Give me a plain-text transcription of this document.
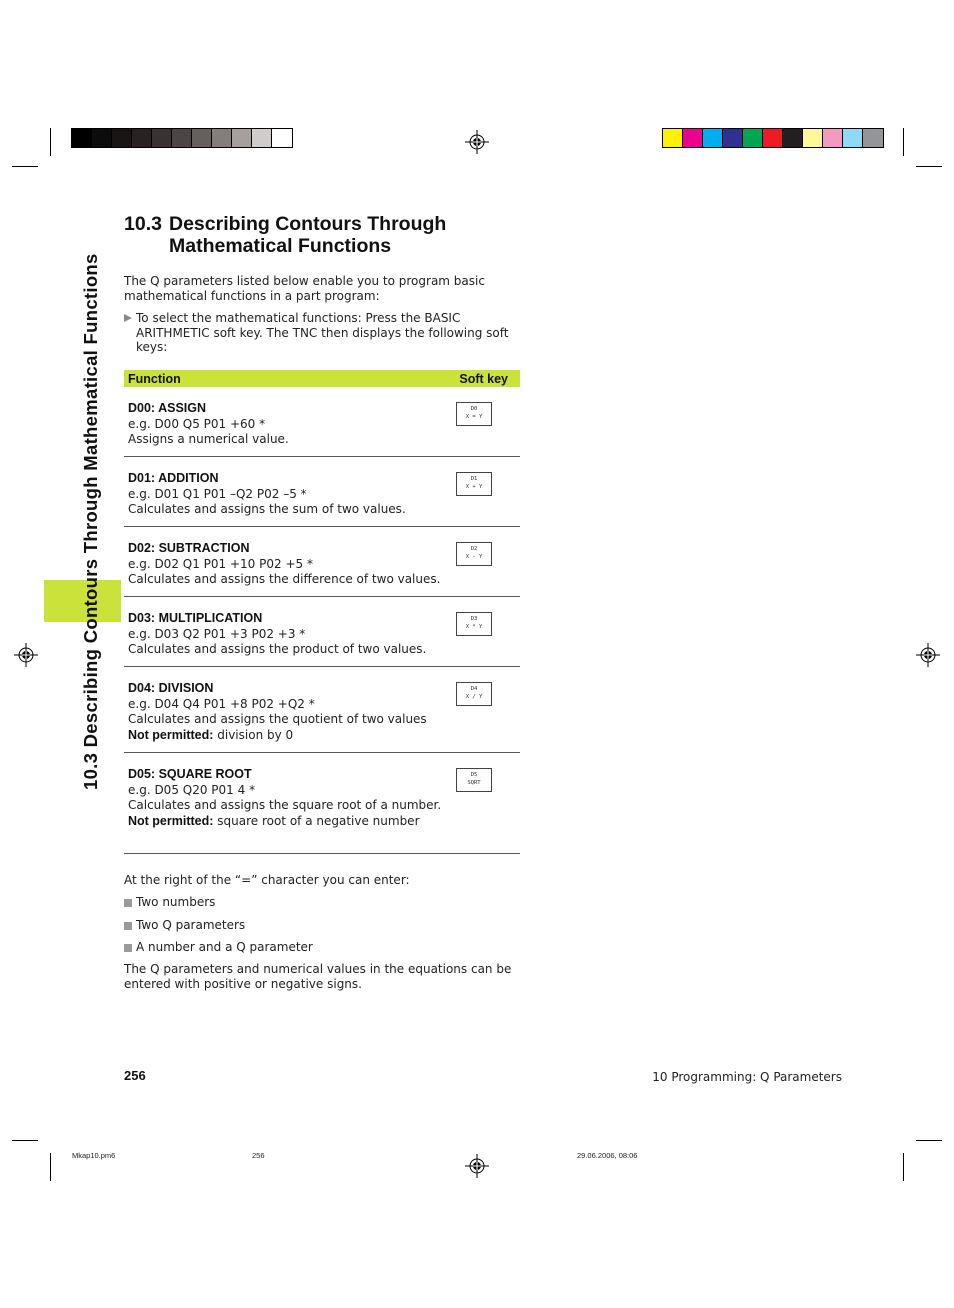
10.3 Describing Contours Through Mathematical Functions
10.3 Describing Contours Through
Mathematical Functions

The Q parameters listed below enable you to program basic mathematical functions in a part program:

To select the mathematical functions: Press the BASIC ARITHMETIC soft key. The TNC then displays the following soft keys:
Function	Soft key
D00: ASSIGN
e.g. D00 Q5 P01 +60 *
Assigns a numerical value.
D0
X = Y
D01: ADDITION
e.g. D01 Q1 P01 –Q2 P02 –5 *
Calculates and assigns the sum of two values.
D1
X + Y
D02: SUBTRACTION
e.g. D02 Q1 P01 +10 P02 +5 *
Calculates and assigns the difference of two values.
D2
X - Y
D03: MULTIPLICATION
e.g. D03 Q2 P01 +3 P02 +3 *
Calculates and assigns the product of two values.
D3
X * Y
D04: DIVISION
e.g. D04 Q4 P01 +8 P02 +Q2 *
Calculates and assigns the quotient of two values
Not permitted: division by 0
D4
X / Y
D05: SQUARE ROOT
e.g. D05 Q20 P01 4 *
Calculates and assigns the square root of a number.
Not permitted: square root of a negative number
D5
SQRT

At the right of the “=” character you can enter:

Two numbers
Two Q parameters
A number and a Q parameter

The Q parameters and numerical values in the equations can be entered with positive or negative signs.

256	10 Programming: Q Parameters
Mkap10.pm6	256	29.06.2006, 08:06
